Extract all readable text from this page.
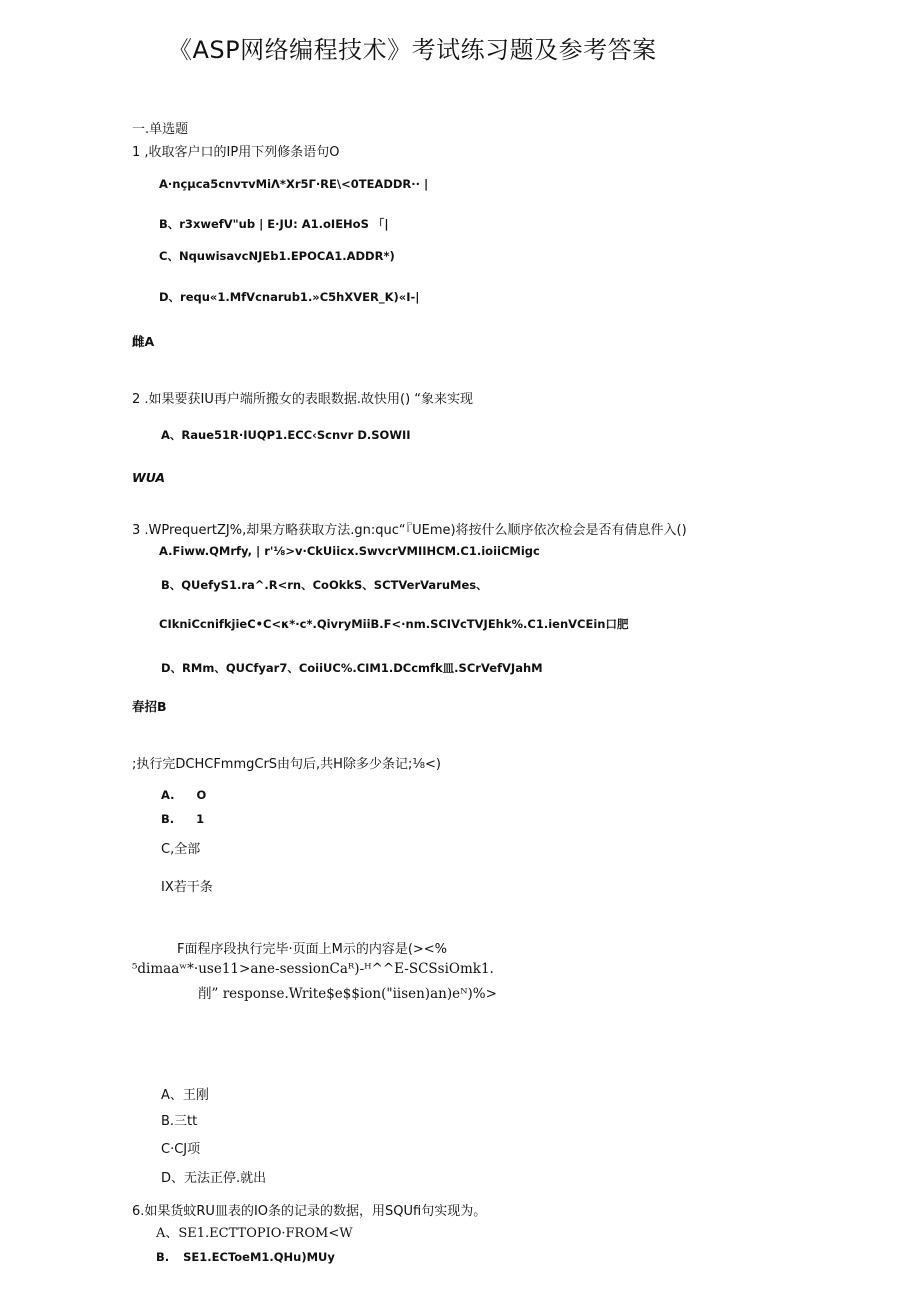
《ASP网络编程技术》考试练习题及参考答案
一.单选题
1 ,收取客户口的IP用下列修条语句O
A·nçμca5cnvτvMiΛ*Xr5Γ·RE\<0TEADDR·· |
B、r3xwefV"ub | E·JU: A1.oIEHoS 「|
C、NquwisavcNJEb1.EPOCA1.ADDR*)
D、requ«1.MfVcnarub1.»C5hXVER_K)«I-|
雌A
2 .如果要获IU再户端所搬女的表眼数据.故快用() “象来实现
A、Raue51R·IUQP1.ECC‹Scnvr D.SOWII
WUA
3 .WPrequertZJ%,却果方略获取方法.gn:quc“『UEme)将按什么顺序依次检会是否有倩息件入()
A.Fiww.QMrfy, | r'⅛>v·CkUiicx.SwvcrVMIIHCM.C1.ioiiCMigc
B、QUefyS1.ra^.R<rn、CoOkkS、SCTVerVaruMes、
CIkniCcnifkjieC•C<κ*·c*.QivryMiiB.F<·nm.SCIVcTVJEhk%.C1.ienVCEin口肥
D、RMm、QUCfyar7、CoiiUC%.CIM1.DCcmfk皿.SCrVefVJahM
春招B
;执行完DCHCFmmgCrS由句后,共H除多少条记;⅛<)
A. O
B. 1
C,全部
IX若干条
F面程序段执行完毕·页面上M示的内容是(><%
⁵dimaaʷ*·use11>ane-sessionCaᴿ)-ᴴ^^E-SCSsiOmk1.
削” response.Write$e$$ion("iisen)an)eᴺ)%>
A、王刚
B.三tt
C·CJ项
D、无法正停.就出
6.如果货蚊RU皿表的IO条的记录的数据，用SQUfi句实现为。
A、SE1.ECTTOPIO·FROM<W
B. SE1.ECToeM1.QHu)MUy
